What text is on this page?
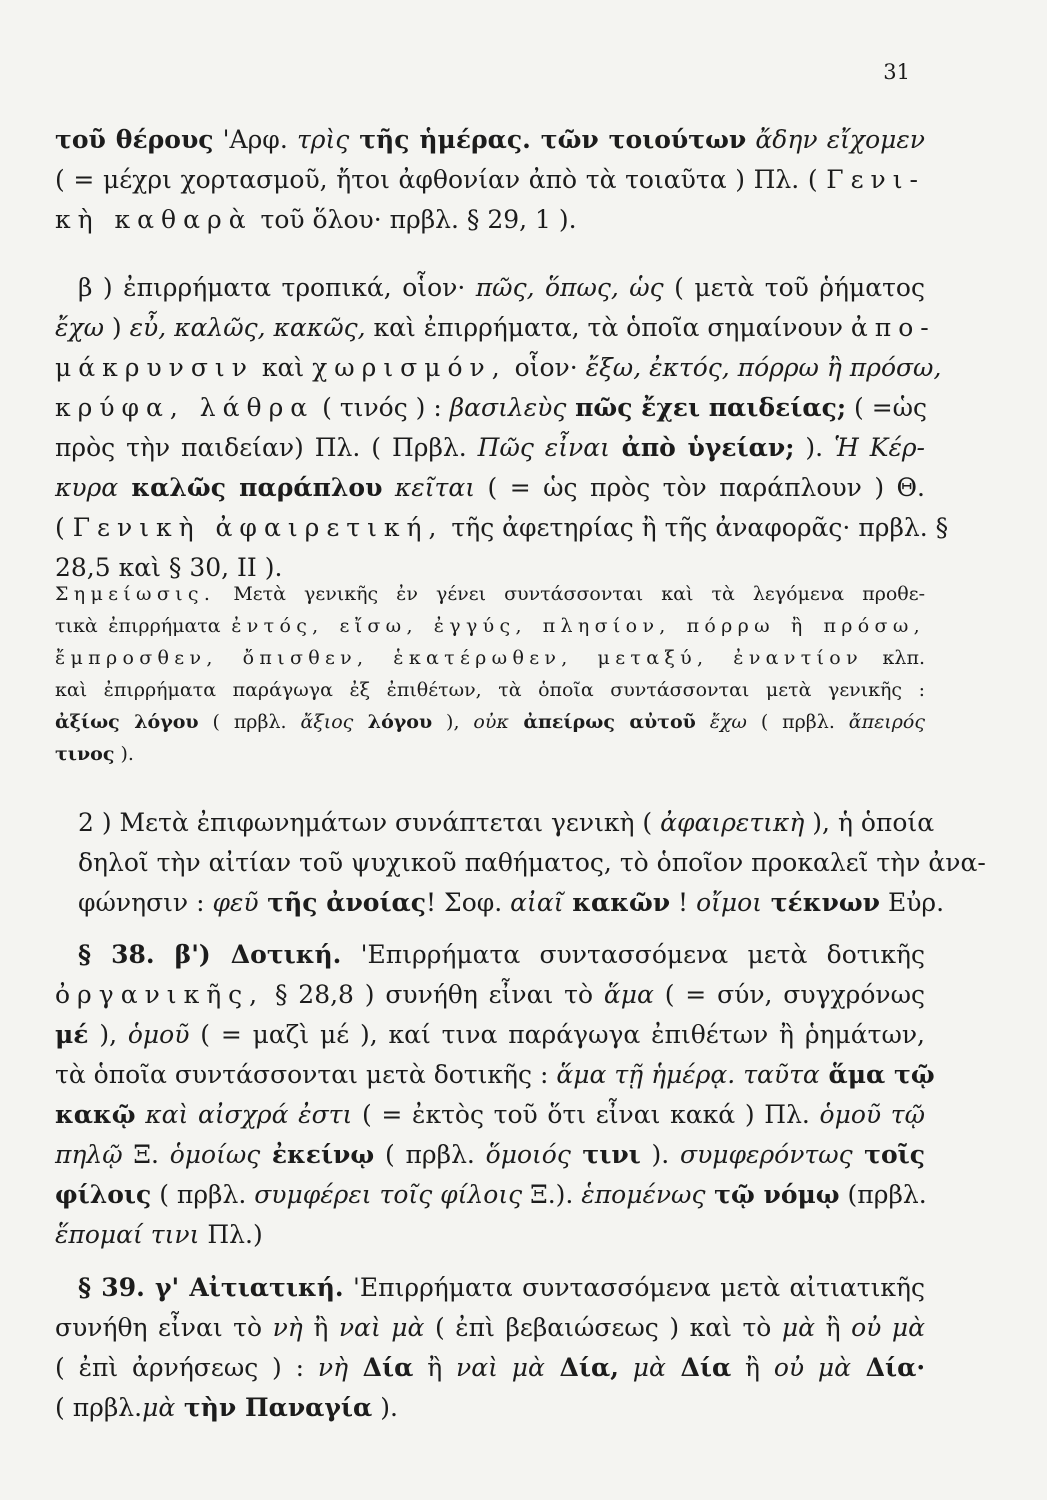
31
τοῦ θέρους 'Αρφ. τρὶς τῆς ἡμέρας. τῶν τοιούτων ἄδην εἴχομεν
( = μέχρι χορτασμοῦ, ἤτοι ἀφθονίαν ἀπὸ τὰ τοιαῦτα ) Πλ. ( Γενι-
κὴ καθαρὰ τοῦ ὅλου· πρβλ. § 29, 1 ).
β ) ἐπιρρήματα τροπικά, οἷον· πῶς, ὅπως, ὡς ( μετὰ τοῦ ῥήματος
ἔχω ) εὖ, καλῶς, κακῶς, καὶ ἐπιρρήματα, τὰ ὁποῖα σημαίνουν ἀπο-
μάκρυνσιν καὶ χωρισμόν, οἷον· ἔξω, ἐκτός, πόρρω ἢ πρόσω,
κρύφα, λάθρα ( τινός ) : βασιλεὺς πῶς ἔχει παιδείας; ( =ὡς
πρὸς τὴν παιδείαν) Πλ. ( Πρβλ. Πῶς εἶναι ἀπὸ ὑγείαν; ). Ἡ Κέρ-
κυρα καλῶς παράπλου κεῖται ( = ὡς πρὸς τὸν παράπλουν ) Θ.
( Γενικὴ ἀφαιρετική, τῆς ἀφετηρίας ἢ τῆς ἀναφορᾶς· πρβλ. §
28,5 καὶ § 30, II ).
Σημείωσις. Μετὰ γενικῆς ἐν γένει συντάσσονται καὶ τὰ λεγόμενα προθε-
τικὰ ἐπιρρήματα ἐντός, εἴσω, ἐγγύς, πλησίον, πόρρω ἢ πρόσω,
ἔμπροσθεν, ὄπισθεν, ἑκατέρωθεν, μεταξύ, ἐναντίον κλπ.
καὶ ἐπιρρήματα παράγωγα ἐξ ἐπιθέτων, τὰ ὁποῖα συντάσσονται μετὰ γενικῆς :
ἀξίως λόγου ( πρβλ. ἄξιος λόγου ), οὐκ ἀπείρως αὐτοῦ ἔχω ( πρβλ. ἄπειρός
τινος ).
2 ) Μετὰ ἐπιφωνημάτων συνάπτεται γενικὴ ( ἀφαιρετικὴ ), ἡ ὁποία
δηλοῖ τὴν αἰτίαν τοῦ ψυχικοῦ παθήματος, τὸ ὁποῖον προκαλεῖ τὴν ἀνα-
φώνησιν : φεῦ τῆς ἀνοίας! Σοφ. αἰαῖ κακῶν ! οἴμοι τέκνων Εὐρ.
§ 38. β') Δοτική. 'Επιρρήματα συντασσόμενα μετὰ δοτικῆς
ὀργανικῆς, § 28,8 ) συνήθη εἶναι τὸ ἅμα ( = σύν, συγχρόνως
μέ ), ὁμοῦ ( = μαζὶ μέ ), καί τινα παράγωγα ἐπιθέτων ἢ ῥημάτων,
τὰ ὁποῖα συντάσσονται μετὰ δοτικῆς : ἅμα τῇ ἡμέρᾳ. ταῦτα ἅμα τῷ
κακῷ καὶ αἰσχρά ἐστι ( = ἐκτὸς τοῦ ὅτι εἶναι κακά ) Πλ. ὁμοῦ τῷ
πηλῷ Ξ. ὁμοίως ἐκείνῳ ( πρβλ. ὅμοιός τινι ). συμφερόντως τοῖς
φίλοις ( πρβλ. συμφέρει τοῖς φίλοις Ξ.). ἑπομένως τῷ νόμῳ (πρβλ.
ἕπομαί τινι Πλ.)
§ 39. γ' Αἰτιατική. 'Επιρρήματα συντασσόμενα μετὰ αἰτιατικῆς
συνήθη εἶναι τὸ νὴ ἢ ναὶ μὰ ( ἐπὶ βεβαιώσεως ) καὶ τὸ μὰ ἢ οὐ μὰ
( ἐπὶ ἀρνήσεως ) : νὴ Δία ἢ ναὶ μὰ Δία, μὰ Δία ἢ οὐ μὰ Δία·
( πρβλ.μὰ τὴν Παναγία ).
